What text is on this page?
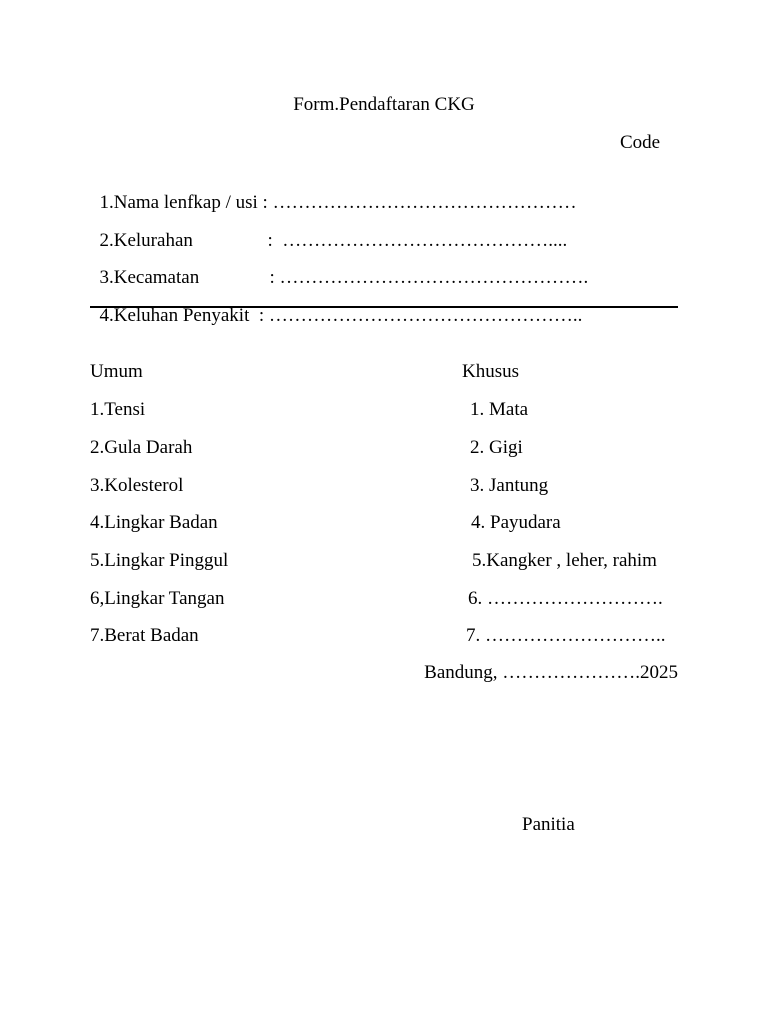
Form.Pendaftaran CKG
Code

1.Nama lenfkap / usi : …………………………………………

2.Kelurahan	:  ……………………………………....

3.Kecamatan	: ………………………………………….

4.Keluhan Penyakit  : …………………………………………..

Umum
1.Tensi
2.Gula Darah
3.Kolesterol
4.Lingkar Badan
5.Lingkar Pinggul
6,Lingkar Tangan
7.Berat Badan
Khusus
1. Mata
2. Gigi
3. Jantung
4. Payudara
5.Kangker , leher, rahim
6. ……………………….
7. ………………………..
Bandung, ………………….2025
Panitia
